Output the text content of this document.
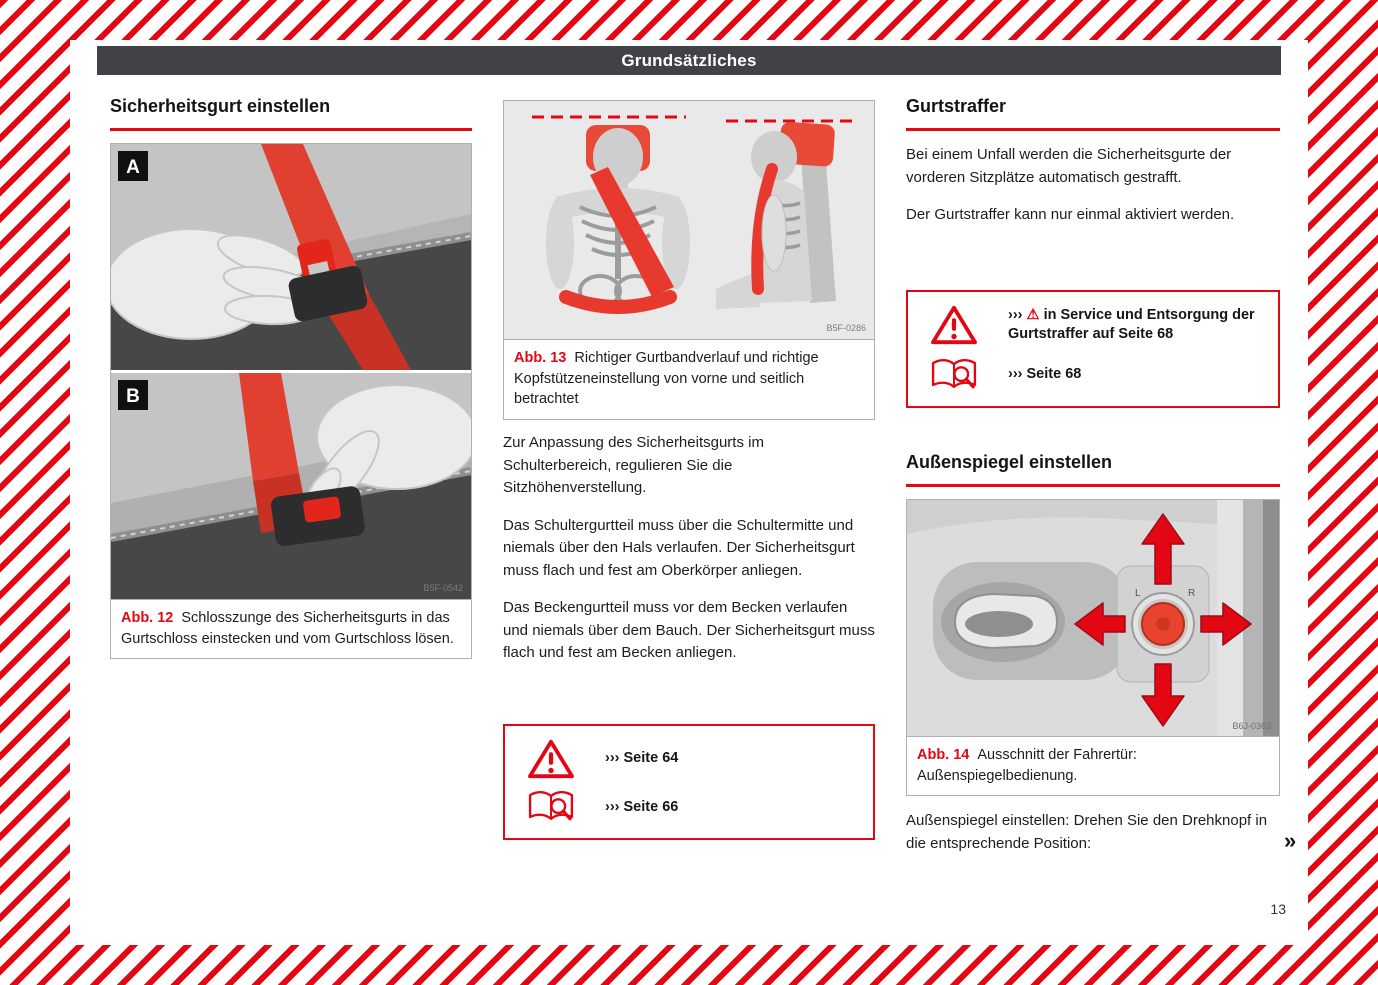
Grundsätzliches
Sicherheitsgurt einstellen
A
B
B5F-0542
Abb. 12 Schlosszunge des Sicherheitsgurts in das Gurtschloss einstecken und vom Gurtschloss lösen.
B5F-0286
Abb. 13 Richtiger Gurtbandverlauf und richtige Kopfstützeneinstellung von vorne und seitlich betrachtet

Zur Anpassung des Sicherheitsgurts im Schulterbereich, regulieren Sie die Sitzhöhenverstellung.

Das Schultergurtteil muss über die Schultermitte und niemals über den Hals verlaufen. Der Sicherheitsgurt muss flach und fest am Oberkörper anliegen.

Das Beckengurtteil muss vor dem Becken verlaufen und niemals über dem Bauch. Der Sicherheitsgurt muss flach und fest am Becken anliegen.

››› Seite 64
››› Seite 66
Gurtstraffer

Bei einem Unfall werden die Sicherheitsgurte der vorderen Sitzplätze automatisch gestrafft.

Der Gurtstraffer kann nur einmal aktiviert werden.

››› ⚠ in Service und Entsorgung der Gurtstraffer auf Seite 68
››› Seite 68
Außenspiegel einstellen
L	R
B6J-0363
Abb. 14 Ausschnitt der Fahrertür: Außenspiegelbedienung.

Außenspiegel einstellen: Drehen Sie den Drehknopf in die entsprechende Position:	»
13
